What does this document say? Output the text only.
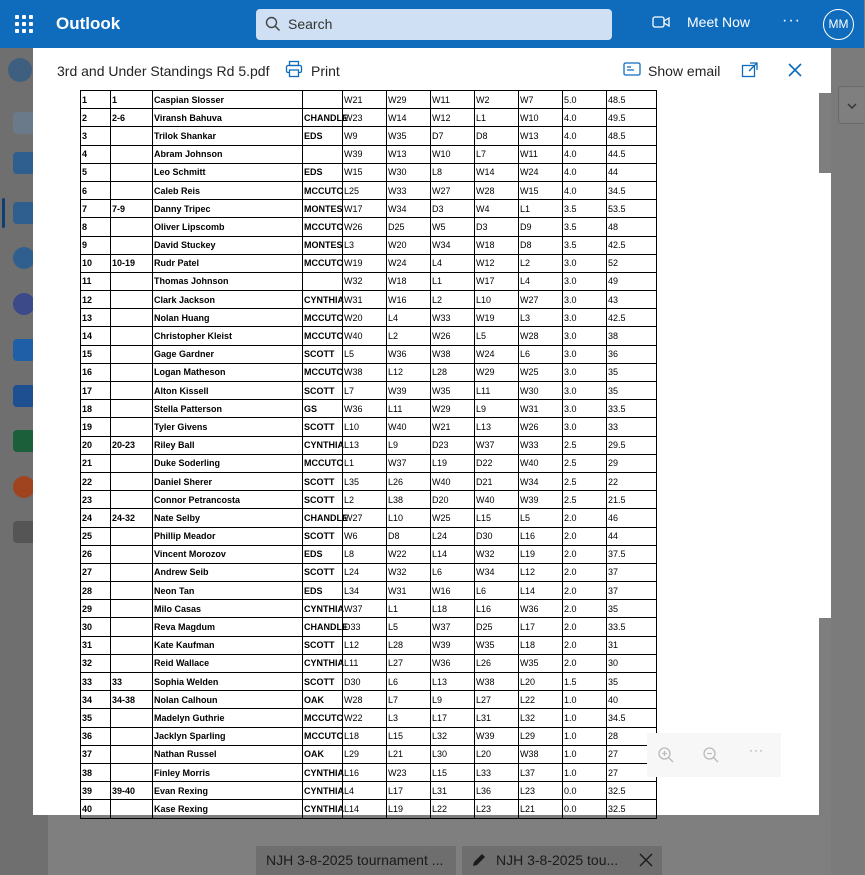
Outlook	Search	Meet Now ···	MM
NJH 3-8-2025 tournament ...	NJH 3-8-2025 tou...
3rd and Under Standings Rd 5.pdf	Print	Show email
1	1	Caspian Slosser		W21	W29	W11	W2	W7	5.0	48.5
2	2-6	Viransh Bahuva	CHANDLE	W23	W14	W12	L1	W10	4.0	49.5
3		Trilok Shankar	EDS	W9	W35	D7	D8	W13	4.0	48.5
4		Abram Johnson		W39	W13	W10	L7	W11	4.0	44.5
5		Leo Schmitt	EDS	W15	W30	L8	W14	W24	4.0	44
6		Caleb Reis	MCCUTC	L25	W33	W27	W28	W15	4.0	34.5
7	7-9	Danny Tripec	MONTES	W17	W34	D3	W4	L1	3.5	53.5
8		Oliver Lipscomb	MCCUTC	W26	D25	W5	D3	D9	3.5	48
9		David Stuckey	MONTES	L3	W20	W34	W18	D8	3.5	42.5
10	10-19	Rudr Patel	MCCUTC	W19	W24	L4	W12	L2	3.0	52
11		Thomas Johnson		W32	W18	L1	W17	L4	3.0	49
12		Clark Jackson	CYNTHIA	W31	W16	L2	L10	W27	3.0	43
13		Nolan Huang	MCCUTC	W20	L4	W33	W19	L3	3.0	42.5
14		Christopher Kleist	MCCUTC	W40	L2	W26	L5	W28	3.0	38
15		Gage Gardner	SCOTT	L5	W36	W38	W24	L6	3.0	36
16		Logan Matheson	MCCUTC	W38	L12	L28	W29	W25	3.0	35
17		Alton Kissell	SCOTT	L7	W39	W35	L11	W30	3.0	35
18		Stella Patterson	GS	W36	L11	W29	L9	W31	3.0	33.5
19		Tyler Givens	SCOTT	L10	W40	W21	L13	W26	3.0	33
20	20-23	Riley Ball	CYNTHIA	L13	L9	D23	W37	W33	2.5	29.5
21		Duke Soderling	MCCUTC	L1	W37	L19	D22	W40	2.5	29
22		Daniel Sherer	SCOTT	L35	L26	W40	D21	W34	2.5	22
23		Connor Petrancosta	SCOTT	L2	L38	D20	W40	W39	2.5	21.5
24	24-32	Nate Selby	CHANDLE	W27	L10	W25	L15	L5	2.0	46
25		Phillip Meador	SCOTT	W6	D8	L24	D30	L16	2.0	44
26		Vincent Morozov	EDS	L8	W22	L14	W32	L19	2.0	37.5
27		Andrew Seib	SCOTT	L24	W32	L6	W34	L12	2.0	37
28		Neon Tan	EDS	L34	W31	W16	L6	L14	2.0	37
29		Milo Casas	CYNTHIA	W37	L1	L18	L16	W36	2.0	35
30		Reva Magdum	CHANDLE	D33	L5	W37	D25	L17	2.0	33.5
31		Kate Kaufman	SCOTT	L12	L28	W39	W35	L18	2.0	31
32		Reid Wallace	CYNTHIA	L11	L27	W36	L26	W35	2.0	30
33	33	Sophia Welden	SCOTT	D30	L6	L13	W38	L20	1.5	35
34	34-38	Nolan Calhoun	OAK	W28	L7	L9	L27	L22	1.0	40
35		Madelyn Guthrie	MCCUTC	W22	L3	L17	L31	L32	1.0	34.5
36		Jacklyn Sparling	MCCUTC	L18	L15	L32	W39	L29	1.0	28
37		Nathan Russel	OAK	L29	L21	L30	L20	W38	1.0	27
38		Finley Morris	CYNTHIA	L16	W23	L15	L33	L37	1.0	27
39	39-40	Evan Rexing	CYNTHIA	L4	L17	L31	L36	L23	0.0	32.5
40		Kase Rexing	CYNTHIA	L14	L19	L22	L23	L21	0.0	32.5
···
